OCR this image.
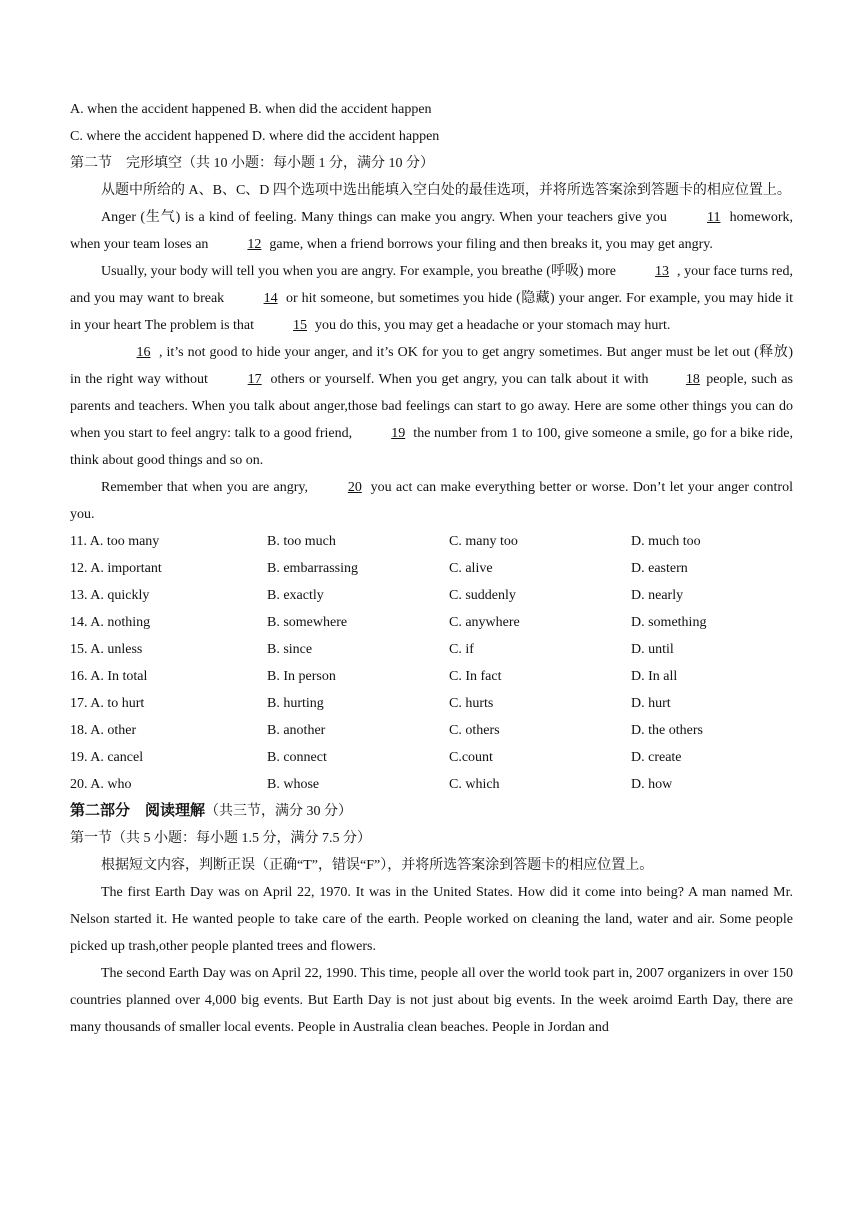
A. when the accident happened B. when did the accident happen
C. where the accident happened D. where did the accident happen
第二节　完形填空（共 10 小题：每小题 1 分，满分 10 分）

从题中所给的 A、B、C、D 四个选项中选出能填入空白处的最佳选项，并将所选答案涂到答题卡的相应位置上。

Anger (生气) is a kind of feeling. Many things can make you angry. When your teachers give you	11 homework, when your team loses an	12 game, when a friend borrows your filing and then breaks it, you may get angry.

Usually, your body will tell you when you are angry. For example, you breathe (呼吸) more	13 , your face turns red, and you may want to break	14 or hit someone, but sometimes you hide (隐藏) your anger. For example, you may hide it in your heart The problem is that	15 you do this, you may get a headache or your stomach may hurt.

16 , it’s not good to hide your anger, and it’s OK for you to get angry sometimes. But anger must be let out (释放) in the right way without	17 others or yourself. When you get angry, you can talk about it with 18 people, such as parents and teachers. When you talk about anger,those bad feelings can start to go away. Here are some other things you can do when you start to feel angry: talk to a good friend,	19 the number from 1 to 100, give someone a smile, go for a bike ride, think about good things and so on.

Remember that when you are angry,	20 you act can make everything better or worse. Don’t let your anger control you.

11. A. too many	B. too much	C. many too	D. much too
12. A. important	B. embarrassing	C. alive	D. eastern
13. A. quickly	B. exactly	C. suddenly	D. nearly
14. A. nothing	B. somewhere	C. anywhere	D. something
15. A. unless	B. since	C. if	D. until
16. A. In total	B. In person	C. In fact	D. In all
17. A. to hurt	B. hurting	C. hurts	D. hurt
18. A. other	B. another	C. others	D. the others
19. A. cancel	B. connect	C.count	D. create
20. A. who	B. whose	C. which	D. how
第二部分　阅读理解（共三节，满分 30 分）
第一节（共 5 小题：每小题 1.5 分，满分 7.5 分）

根据短文内容，判断正误（正确“T”，错误“F”），并将所选答案涂到答题卡的相应位置上。

The first Earth Day was on April 22, 1970. It was in the United States. How did it come into being? A man named Mr. Nelson started it. He wanted people to take care of the earth. People worked on cleaning the land, water and air. Some people picked up trash,other people planted trees and flowers.

The second Earth Day was on April 22, 1990. This time, people all over the world took part in, 2007 organizers in over 150 countries planned over 4,000 big events. But Earth Day is not just about big events. In the week aroimd Earth Day, there are many thousands of smaller local events. People in Australia clean beaches. People in Jordan and
